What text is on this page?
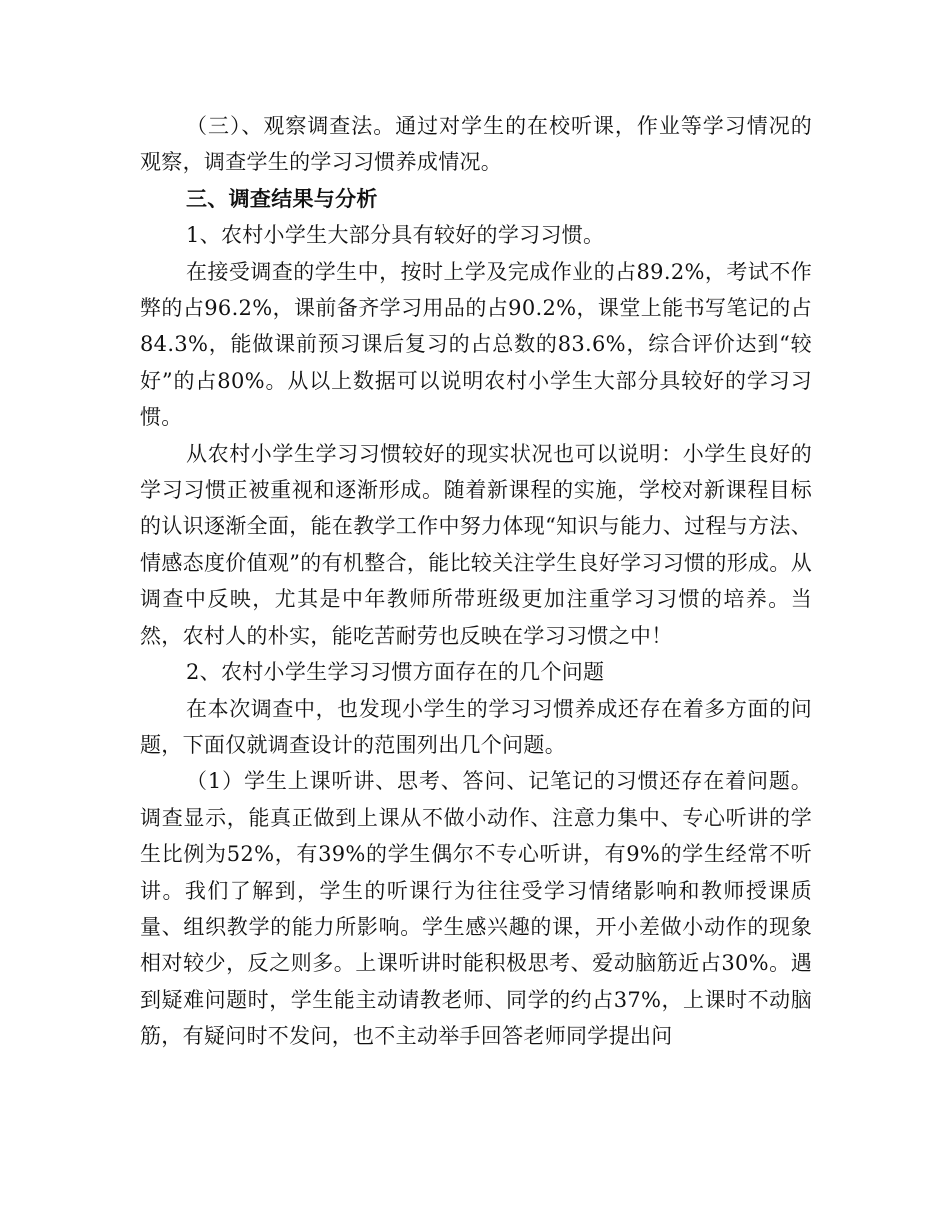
（三）、观察调查法。通过对学生的在校听课，作业等学习情况的观察，调查学生的学习习惯养成情况。

三、调查结果与分析

1、农村小学生大部分具有较好的学习习惯。

在接受调查的学生中，按时上学及完成作业的占89.2%，考试不作弊的占96.2%，课前备齐学习用品的占90.2%，课堂上能书写笔记的占84.3%，能做课前预习课后复习的占总数的83.6%，综合评价达到“较好”的占80%。从以上数据可以说明农村小学生大部分具较好的学习习惯。

从农村小学生学习习惯较好的现实状况也可以说明：小学生良好的学习习惯正被重视和逐渐形成。随着新课程的实施，学校对新课程目标的认识逐渐全面，能在教学工作中努力体现“知识与能力、过程与方法、情感态度价值观”的有机整合，能比较关注学生良好学习习惯的形成。从调查中反映，尤其是中年教师所带班级更加注重学习习惯的培养。当然，农村人的朴实，能吃苦耐劳也反映在学习习惯之中！

2、农村小学生学习习惯方面存在的几个问题

在本次调查中，也发现小学生的学习习惯养成还存在着多方面的问题，下面仅就调查设计的范围列出几个问题。

（1）学生上课听讲、思考、答问、记笔记的习惯还存在着问题。调查显示，能真正做到上课从不做小动作、注意力集中、专心听讲的学生比例为52%，有39%的学生偶尔不专心听讲，有9%的学生经常不听讲。我们了解到，学生的听课行为往往受学习情绪影响和教师授课质量、组织教学的能力所影响。学生感兴趣的课，开小差做小动作的现象相对较少，反之则多。上课听讲时能积极思考、爱动脑筋近占30%。遇到疑难问题时，学生能主动请教老师、同学的约占37%，上课时不动脑筋，有疑问时不发问，也不主动举手回答老师同学提出问
